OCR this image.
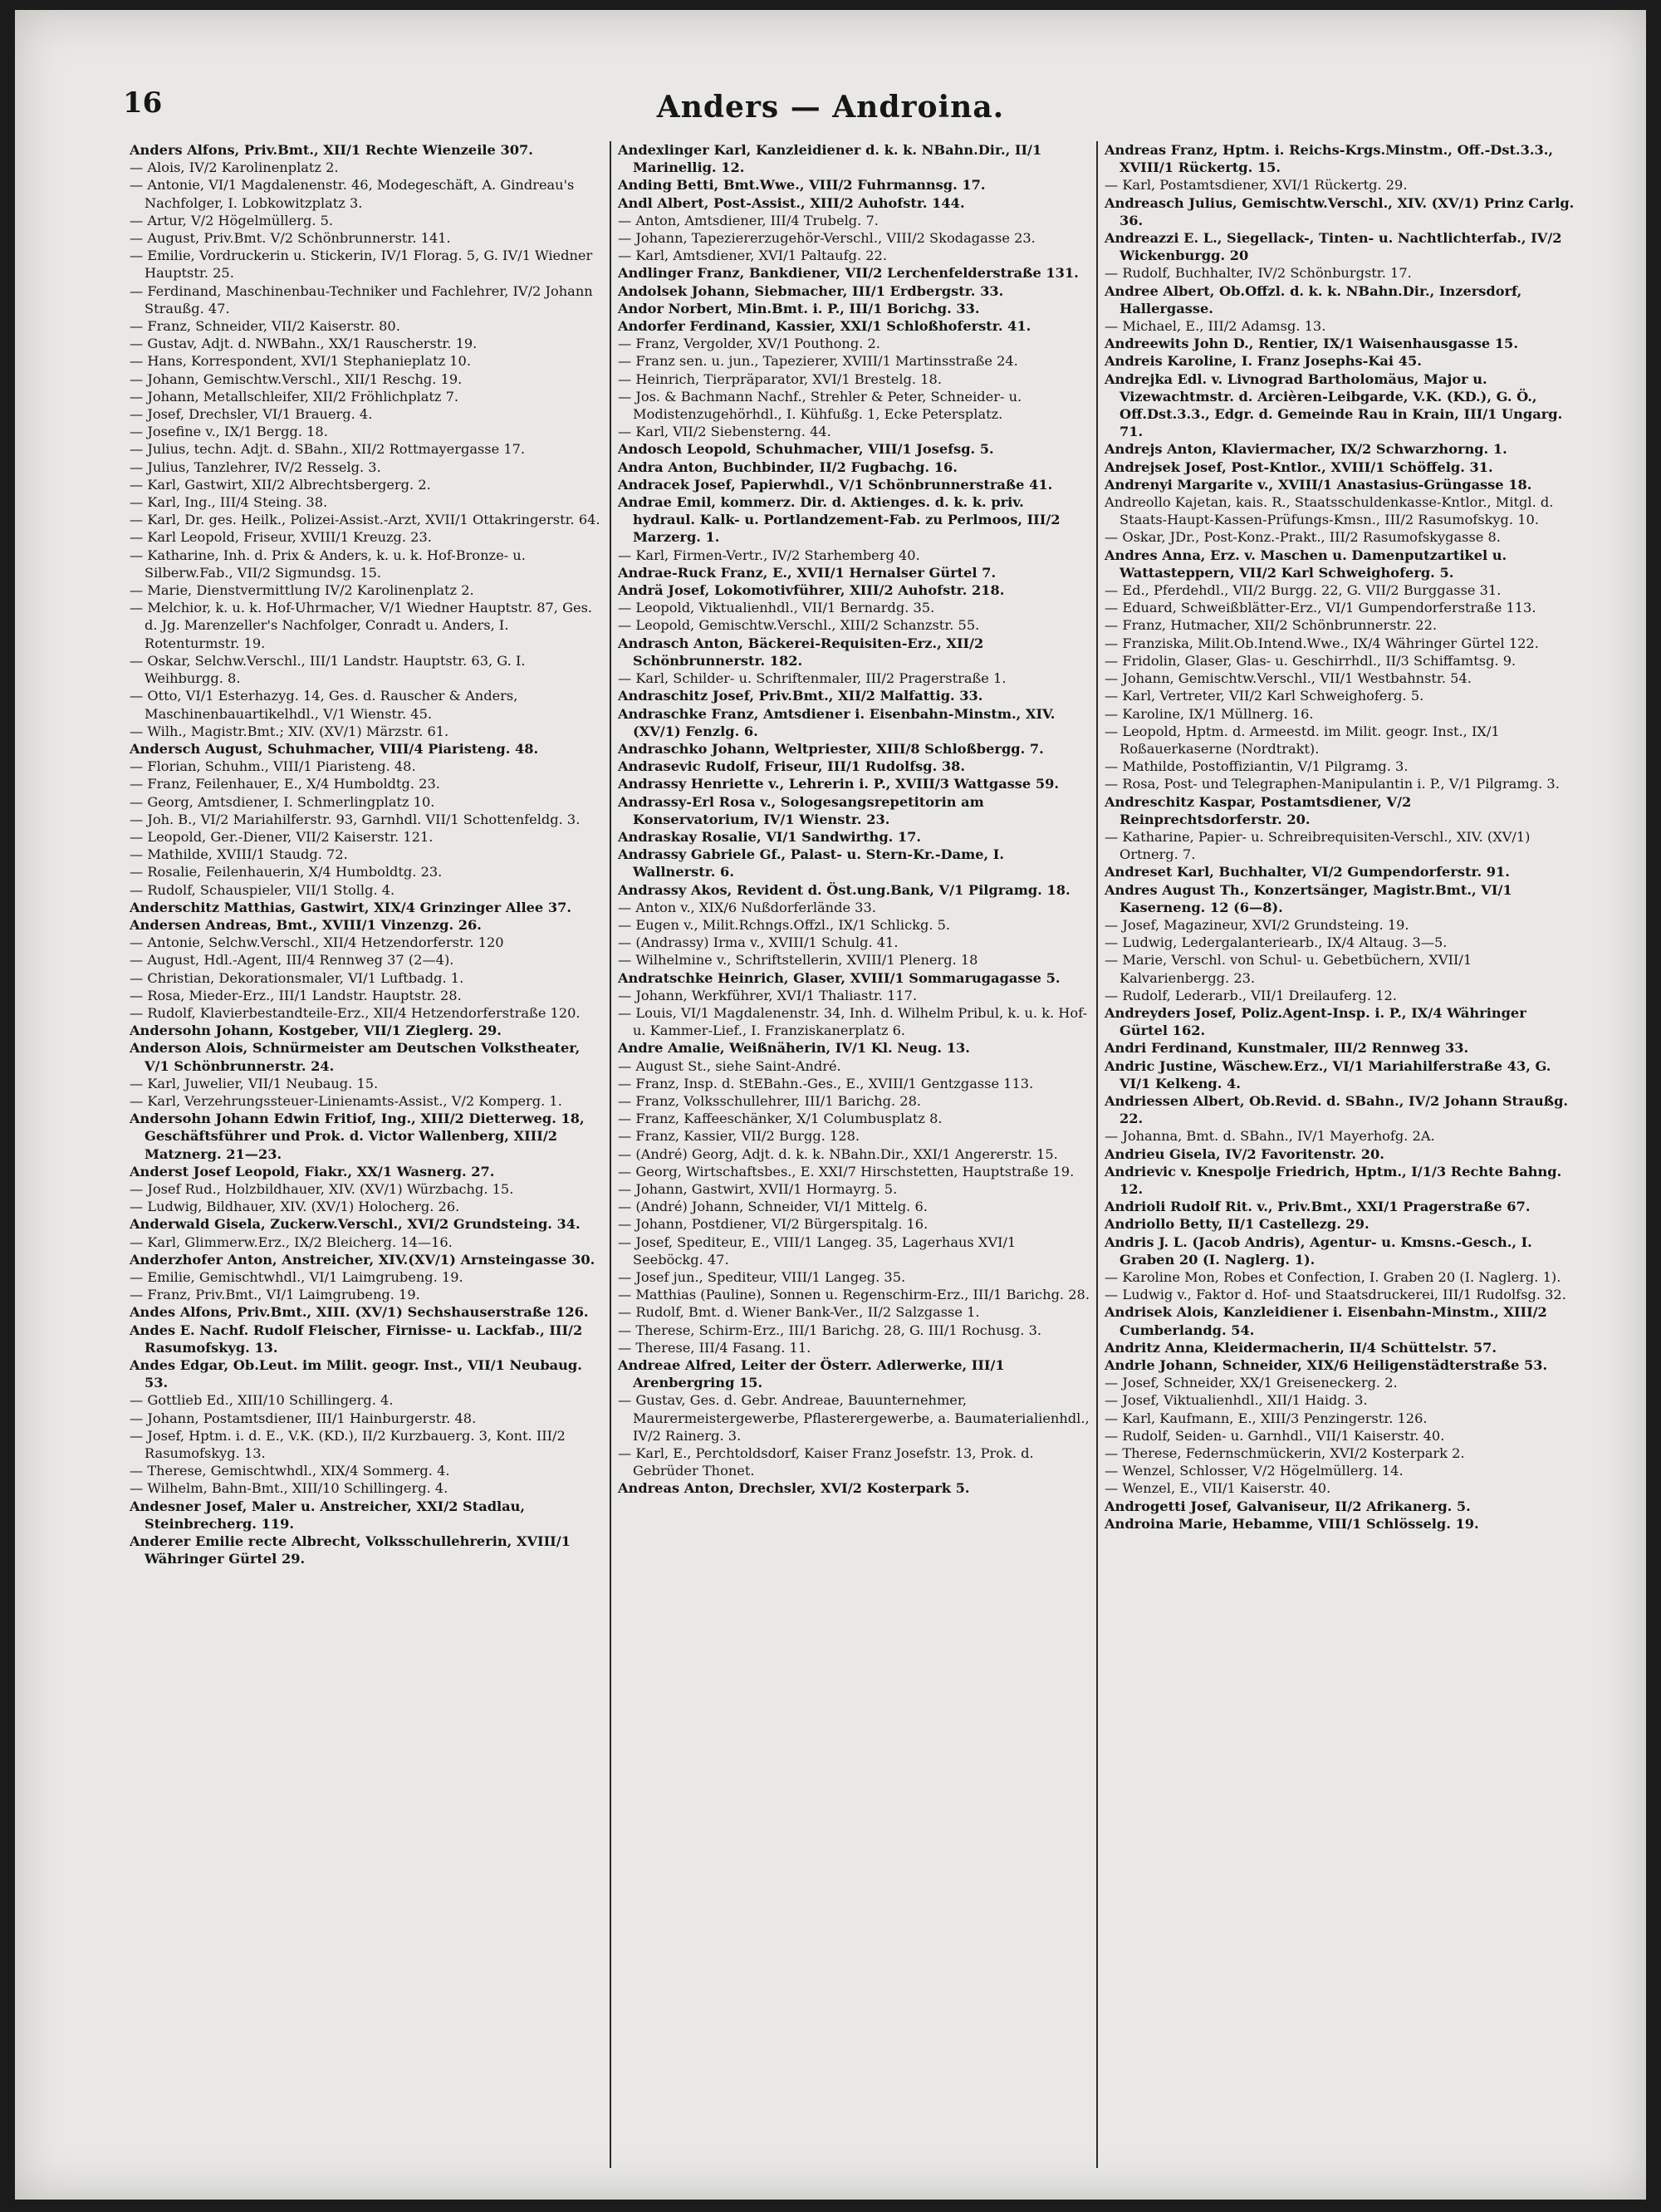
16	Anders — Androina.

Anders Alfons, Priv.Bmt., XII/1 Rechte Wienzeile 307.

— Alois, IV/2 Karolinenplatz 2.

— Antonie, VI/1 Magdalenenstr. 46, Modegeschäft, A. Gindreau's Nachfolger, I. Lobkowitzplatz 3.

— Artur, V/2 Högelmüllerg. 5.

— August, Priv.Bmt. V/2 Schönbrunnerstr. 141.

— Emilie, Vordruckerin u. Stickerin, IV/1 Florag. 5, G. IV/1 Wiedner Hauptstr. 25.

— Ferdinand, Maschinenbau-Techniker und Fachlehrer, IV/2 Johann Straußg. 47.

— Franz, Schneider, VII/2 Kaiserstr. 80.

— Gustav, Adjt. d. NWBahn., XX/1 Rauscherstr. 19.

— Hans, Korrespondent, XVI/1 Stephanieplatz 10.

— Johann, Gemischtw.Verschl., XII/1 Reschg. 19.

— Johann, Metallschleifer, XII/2 Fröhlichplatz 7.

— Josef, Drechsler, VI/1 Brauerg. 4.

— Josefine v., IX/1 Bergg. 18.

— Julius, techn. Adjt. d. SBahn., XII/2 Rottmayergasse 17.

— Julius, Tanzlehrer, IV/2 Resselg. 3.

— Karl, Gastwirt, XII/2 Albrechtsbergerg. 2.

— Karl, Ing., III/4 Steing. 38.

— Karl, Dr. ges. Heilk., Polizei-Assist.-Arzt, XVII/1 Ottakringerstr. 64.

— Karl Leopold, Friseur, XVIII/1 Kreuzg. 23.

— Katharine, Inh. d. Prix & Anders, k. u. k. Hof-Bronze- u. Silberw.Fab., VII/2 Sigmundsg. 15.

— Marie, Dienstvermittlung IV/2 Karolinenplatz 2.

— Melchior, k. u. k. Hof-Uhrmacher, V/1 Wiedner Hauptstr. 87, Ges. d. Jg. Marenzeller's Nachfolger, Conradt u. Anders, I. Rotenturmstr. 19.

— Oskar, Selchw.Verschl., III/1 Landstr. Hauptstr. 63, G. I. Weihburgg. 8.

— Otto, VI/1 Esterhazyg. 14, Ges. d. Rauscher & Anders, Maschinenbauartikelhdl., V/1 Wienstr. 45.

— Wilh., Magistr.Bmt.; XIV. (XV/1) Märzstr. 61.

Andersch August, Schuhmacher, VIII/4 Piaristeng. 48.

— Florian, Schuhm., VIII/1 Piaristeng. 48.

— Franz, Feilenhauer, E., X/4 Humboldtg. 23.

— Georg, Amtsdiener, I. Schmerlingplatz 10.

— Joh. B., VI/2 Mariahilferstr. 93, Garnhdl. VII/1 Schottenfeldg. 3.

— Leopold, Ger.-Diener, VII/2 Kaiserstr. 121.

— Mathilde, XVIII/1 Staudg. 72.

— Rosalie, Feilenhauerin, X/4 Humboldtg. 23.

— Rudolf, Schauspieler, VII/1 Stollg. 4.

Anderschitz Matthias, Gastwirt, XIX/4 Grinzinger Allee 37.

Andersen Andreas, Bmt., XVIII/1 Vinzenzg. 26.

— Antonie, Selchw.Verschl., XII/4 Hetzendorferstr. 120

— August, Hdl.-Agent, III/4 Rennweg 37 (2—4).

— Christian, Dekorationsmaler, VI/1 Luftbadg. 1.

— Rosa, Mieder-Erz., III/1 Landstr. Hauptstr. 28.

— Rudolf, Klavierbestandteile-Erz., XII/4 Hetzendorferstraße 120.

Andersohn Johann, Kostgeber, VII/1 Zieglerg. 29.

Anderson Alois, Schnürmeister am Deutschen Volkstheater, V/1 Schönbrunnerstr. 24.

— Karl, Juwelier, VII/1 Neubaug. 15.

— Karl, Verzehrungssteuer-Linienamts-Assist., V/2 Komperg. 1.

Andersohn Johann Edwin Fritiof, Ing., XIII/2 Dietterweg. 18, Geschäftsführer und Prok. d. Victor Wallenberg, XIII/2 Matznerg. 21—23.

Anderst Josef Leopold, Fiakr., XX/1 Wasnerg. 27.

— Josef Rud., Holzbildhauer, XIV. (XV/1) Würzbachg. 15.

— Ludwig, Bildhauer, XIV. (XV/1) Holocherg. 26.

Anderwald Gisela, Zuckerw.Verschl., XVI/2 Grundsteing. 34.

— Karl, Glimmerw.Erz., IX/2 Bleicherg. 14—16.

Anderzhofer Anton, Anstreicher, XIV.(XV/1) Arnsteingasse 30.

— Emilie, Gemischtwhdl., VI/1 Laimgrubeng. 19.

— Franz, Priv.Bmt., VI/1 Laimgrubeng. 19.

Andes Alfons, Priv.Bmt., XIII. (XV/1) Sechshauserstraße 126.

Andes E. Nachf. Rudolf Fleischer, Firnisse- u. Lackfab., III/2 Rasumofskyg. 13.

Andes Edgar, Ob.Leut. im Milit. geogr. Inst., VII/1 Neubaug. 53.

— Gottlieb Ed., XIII/10 Schillingerg. 4.

— Johann, Postamtsdiener, III/1 Hainburgerstr. 48.

— Josef, Hptm. i. d. E., V.K. (KD.), II/2 Kurzbauerg. 3, Kont. III/2 Rasumofskyg. 13.

— Therese, Gemischtwhdl., XIX/4 Sommerg. 4.

— Wilhelm, Bahn-Bmt., XIII/10 Schillingerg. 4.

Andesner Josef, Maler u. Anstreicher, XXI/2 Stadlau, Steinbrecherg. 119.

Anderer Emilie recte Albrecht, Volksschullehrerin, XVIII/1 Währinger Gürtel 29.

Andexlinger Karl, Kanzleidiener d. k. k. NBahn.Dir., II/1 Marinellig. 12.

Anding Betti, Bmt.Wwe., VIII/2 Fuhrmannsg. 17.

Andl Albert, Post-Assist., XIII/2 Auhofstr. 144.

— Anton, Amtsdiener, III/4 Trubelg. 7.

— Johann, Tapeziererzugehör-Verschl., VIII/2 Skodagasse 23.

— Karl, Amtsdiener, XVI/1 Paltaufg. 22.

Andlinger Franz, Bankdiener, VII/2 Lerchenfelderstraße 131.

Andolsek Johann, Siebmacher, III/1 Erdbergstr. 33.

Andor Norbert, Min.Bmt. i. P., III/1 Borichg. 33.

Andorfer Ferdinand, Kassier, XXI/1 Schloßhoferstr. 41.

— Franz, Vergolder, XV/1 Pouthong. 2.

— Franz sen. u. jun., Tapezierer, XVIII/1 Martinsstraße 24.

— Heinrich, Tierpräparator, XVI/1 Brestelg. 18.

— Jos. & Bachmann Nachf., Strehler & Peter, Schneider- u. Modistenzugehörhdl., I. Kühfußg. 1, Ecke Petersplatz.

— Karl, VII/2 Siebensterng. 44.

Andosch Leopold, Schuhmacher, VIII/1 Josefsg. 5.

Andra Anton, Buchbinder, II/2 Fugbachg. 16.

Andracek Josef, Papierwhdl., V/1 Schönbrunnerstraße 41.

Andrae Emil, kommerz. Dir. d. Aktienges. d. k. k. priv. hydraul. Kalk- u. Portlandzement-Fab. zu Perlmoos, III/2 Marzerg. 1.

— Karl, Firmen-Vertr., IV/2 Starhemberg 40.

Andrae-Ruck Franz, E., XVII/1 Hernalser Gürtel 7.

Andrä Josef, Lokomotivführer, XIII/2 Auhofstr. 218.

— Leopold, Viktualienhdl., VII/1 Bernardg. 35.

— Leopold, Gemischtw.Verschl., XIII/2 Schanzstr. 55.

Andrasch Anton, Bäckerei-Requisiten-Erz., XII/2 Schönbrunnerstr. 182.

— Karl, Schilder- u. Schriftenmaler, III/2 Pragerstraße 1.

Andraschitz Josef, Priv.Bmt., XII/2 Malfattig. 33.

Andraschke Franz, Amtsdiener i. Eisenbahn-Minstm., XIV. (XV/1) Fenzlg. 6.

Andraschko Johann, Weltpriester, XIII/8 Schloßbergg. 7.

Andrasevic Rudolf, Friseur, III/1 Rudolfsg. 38.

Andrassy Henriette v., Lehrerin i. P., XVIII/3 Wattgasse 59.

Andrassy-Erl Rosa v., Sologesangsrepetitorin am Konservatorium, IV/1 Wienstr. 23.

Andraskay Rosalie, VI/1 Sandwirthg. 17.

Andrassy Gabriele Gf., Palast- u. Stern-Kr.-Dame, I. Wallnerstr. 6.

Andrassy Akos, Revident d. Öst.ung.Bank, V/1 Pilgramg. 18.

— Anton v., XIX/6 Nußdorferlände 33.

— Eugen v., Milit.Rchngs.Offzl., IX/1 Schlickg. 5.

— (Andrassy) Irma v., XVIII/1 Schulg. 41.

— Wilhelmine v., Schriftstellerin, XVIII/1 Plenerg. 18

Andratschke Heinrich, Glaser, XVIII/1 Sommarugagasse 5.

— Johann, Werkführer, XVI/1 Thaliastr. 117.

— Louis, VI/1 Magdalenenstr. 34, Inh. d. Wilhelm Pribul, k. u. k. Hof- u. Kammer-Lief., I. Franziskanerplatz 6.

Andre Amalie, Weißnäherin, IV/1 Kl. Neug. 13.

— August St., siehe Saint-André.

— Franz, Insp. d. StEBahn.-Ges., E., XVIII/1 Gentzgasse 113.

— Franz, Volksschullehrer, III/1 Barichg. 28.

— Franz, Kaffeeschänker, X/1 Columbusplatz 8.

— Franz, Kassier, VII/2 Burgg. 128.

— (André) Georg, Adjt. d. k. k. NBahn.Dir., XXI/1 Angererstr. 15.

— Georg, Wirtschaftsbes., E. XXI/7 Hirschstetten, Hauptstraße 19.

— Johann, Gastwirt, XVII/1 Hormayrg. 5.

— (André) Johann, Schneider, VI/1 Mittelg. 6.

— Johann, Postdiener, VI/2 Bürgerspitalg. 16.

— Josef, Spediteur, E., VIII/1 Langeg. 35, Lagerhaus XVI/1 Seeböckg. 47.

— Josef jun., Spediteur, VIII/1 Langeg. 35.

— Matthias (Pauline), Sonnen u. Regenschirm-Erz., III/1 Barichg. 28.

— Rudolf, Bmt. d. Wiener Bank-Ver., II/2 Salzgasse 1.

— Therese, Schirm-Erz., III/1 Barichg. 28, G. III/1 Rochusg. 3.

— Therese, III/4 Fasang. 11.

Andreae Alfred, Leiter der Österr. Adlerwerke, III/1 Arenbergring 15.

— Gustav, Ges. d. Gebr. Andreae, Bauunternehmer, Maurermeistergewerbe, Pflasterergewerbe, a. Baumaterialienhdl., IV/2 Rainerg. 3.

— Karl, E., Perchtoldsdorf, Kaiser Franz Josefstr. 13, Prok. d. Gebrüder Thonet.

Andreas Anton, Drechsler, XVI/2 Kosterpark 5.

Andreas Franz, Hptm. i. Reichs-Krgs.Minstm., Off.-Dst.3.3., XVIII/1 Rückertg. 15.

— Karl, Postamtsdiener, XVI/1 Rückertg. 29.

Andreasch Julius, Gemischtw.Verschl., XIV. (XV/1) Prinz Carlg. 36.

Andreazzi E. L., Siegellack-, Tinten- u. Nachtlichterfab., IV/2 Wickenburgg. 20

— Rudolf, Buchhalter, IV/2 Schönburgstr. 17.

Andree Albert, Ob.Offzl. d. k. k. NBahn.Dir., Inzersdorf, Hallergasse.

— Michael, E., III/2 Adamsg. 13.

Andreewits John D., Rentier, IX/1 Waisenhausgasse 15.

Andreis Karoline, I. Franz Josephs-Kai 45.

Andrejka Edl. v. Livnograd Bartholomäus, Major u. Vizewachtmstr. d. Arcièren-Leibgarde, V.K. (KD.), G. Ö., Off.Dst.3.3., Edgr. d. Gemeinde Rau in Krain, III/1 Ungarg. 71.

Andrejs Anton, Klaviermacher, IX/2 Schwarzhorng. 1.

Andrejsek Josef, Post-Kntlor., XVIII/1 Schöffelg. 31.

Andrenyi Margarite v., XVIII/1 Anastasius-Grüngasse 18.

Andreollo Kajetan, kais. R., Staatsschuldenkasse-Kntlor., Mitgl. d. Staats-Haupt-Kassen-Prüfungs-Kmsn., III/2 Rasumofskyg. 10.

— Oskar, JDr., Post-Konz.-Prakt., III/2 Rasumofskygasse 8.

Andres Anna, Erz. v. Maschen u. Damenputzartikel u. Wattasteppern, VII/2 Karl Schweighoferg. 5.

— Ed., Pferdehdl., VII/2 Burgg. 22, G. VII/2 Burggasse 31.

— Eduard, Schweißblätter-Erz., VI/1 Gumpendorferstraße 113.

— Franz, Hutmacher, XII/2 Schönbrunnerstr. 22.

— Franziska, Milit.Ob.Intend.Wwe., IX/4 Währinger Gürtel 122.

— Fridolin, Glaser, Glas- u. Geschirrhdl., II/3 Schiffamtsg. 9.

— Johann, Gemischtw.Verschl., VII/1 Westbahnstr. 54.

— Karl, Vertreter, VII/2 Karl Schweighoferg. 5.

— Karoline, IX/1 Müllnerg. 16.

— Leopold, Hptm. d. Armeestd. im Milit. geogr. Inst., IX/1 Roßauerkaserne (Nordtrakt).

— Mathilde, Postoffiziantin, V/1 Pilgramg. 3.

— Rosa, Post- und Telegraphen-Manipulantin i. P., V/1 Pilgramg. 3.

Andreschitz Kaspar, Postamtsdiener, V/2 Reinprechtsdorferstr. 20.

— Katharine, Papier- u. Schreibrequisiten-Verschl., XIV. (XV/1) Ortnerg. 7.

Andreset Karl, Buchhalter, VI/2 Gumpendorferstr. 91.

Andres August Th., Konzertsänger, Magistr.Bmt., VI/1 Kaserneng. 12 (6—8).

— Josef, Magazineur, XVI/2 Grundsteing. 19.

— Ludwig, Ledergalanteriearb., IX/4 Altaug. 3—5.

— Marie, Verschl. von Schul- u. Gebetbüchern, XVII/1 Kalvarienbergg. 23.

— Rudolf, Lederarb., VII/1 Dreilauferg. 12.

Andreyders Josef, Poliz.Agent-Insp. i. P., IX/4 Währinger Gürtel 162.

Andri Ferdinand, Kunstmaler, III/2 Rennweg 33.

Andric Justine, Wäschew.Erz., VI/1 Mariahilferstraße 43, G. VI/1 Kelkeng. 4.

Andriessen Albert, Ob.Revid. d. SBahn., IV/2 Johann Straußg. 22.

— Johanna, Bmt. d. SBahn., IV/1 Mayerhofg. 2A.

Andrieu Gisela, IV/2 Favoritenstr. 20.

Andrievic v. Knespolje Friedrich, Hptm., I/1/3 Rechte Bahng. 12.

Andrioli Rudolf Rit. v., Priv.Bmt., XXI/1 Pragerstraße 67.

Andriollo Betty, II/1 Castellezg. 29.

Andris J. L. (Jacob Andris), Agentur- u. Kmsns.-Gesch., I. Graben 20 (I. Naglerg. 1).

— Karoline Mon, Robes et Confection, I. Graben 20 (I. Naglerg. 1).

— Ludwig v., Faktor d. Hof- und Staatsdruckerei, III/1 Rudolfsg. 32.

Andrisek Alois, Kanzleidiener i. Eisenbahn-Minstm., XIII/2 Cumberlandg. 54.

Andritz Anna, Kleidermacherin, II/4 Schüttelstr. 57.

Andrle Johann, Schneider, XIX/6 Heiligenstädterstraße 53.

— Josef, Schneider, XX/1 Greiseneckerg. 2.

— Josef, Viktualienhdl., XII/1 Haidg. 3.

— Karl, Kaufmann, E., XIII/3 Penzingerstr. 126.

— Rudolf, Seiden- u. Garnhdl., VII/1 Kaiserstr. 40.

— Therese, Federnschmückerin, XVI/2 Kosterpark 2.

— Wenzel, Schlosser, V/2 Högelmüllerg. 14.

— Wenzel, E., VII/1 Kaiserstr. 40.

Androgetti Josef, Galvaniseur, II/2 Afrikanerg. 5.

Androina Marie, Hebamme, VIII/1 Schlösselg. 19.
